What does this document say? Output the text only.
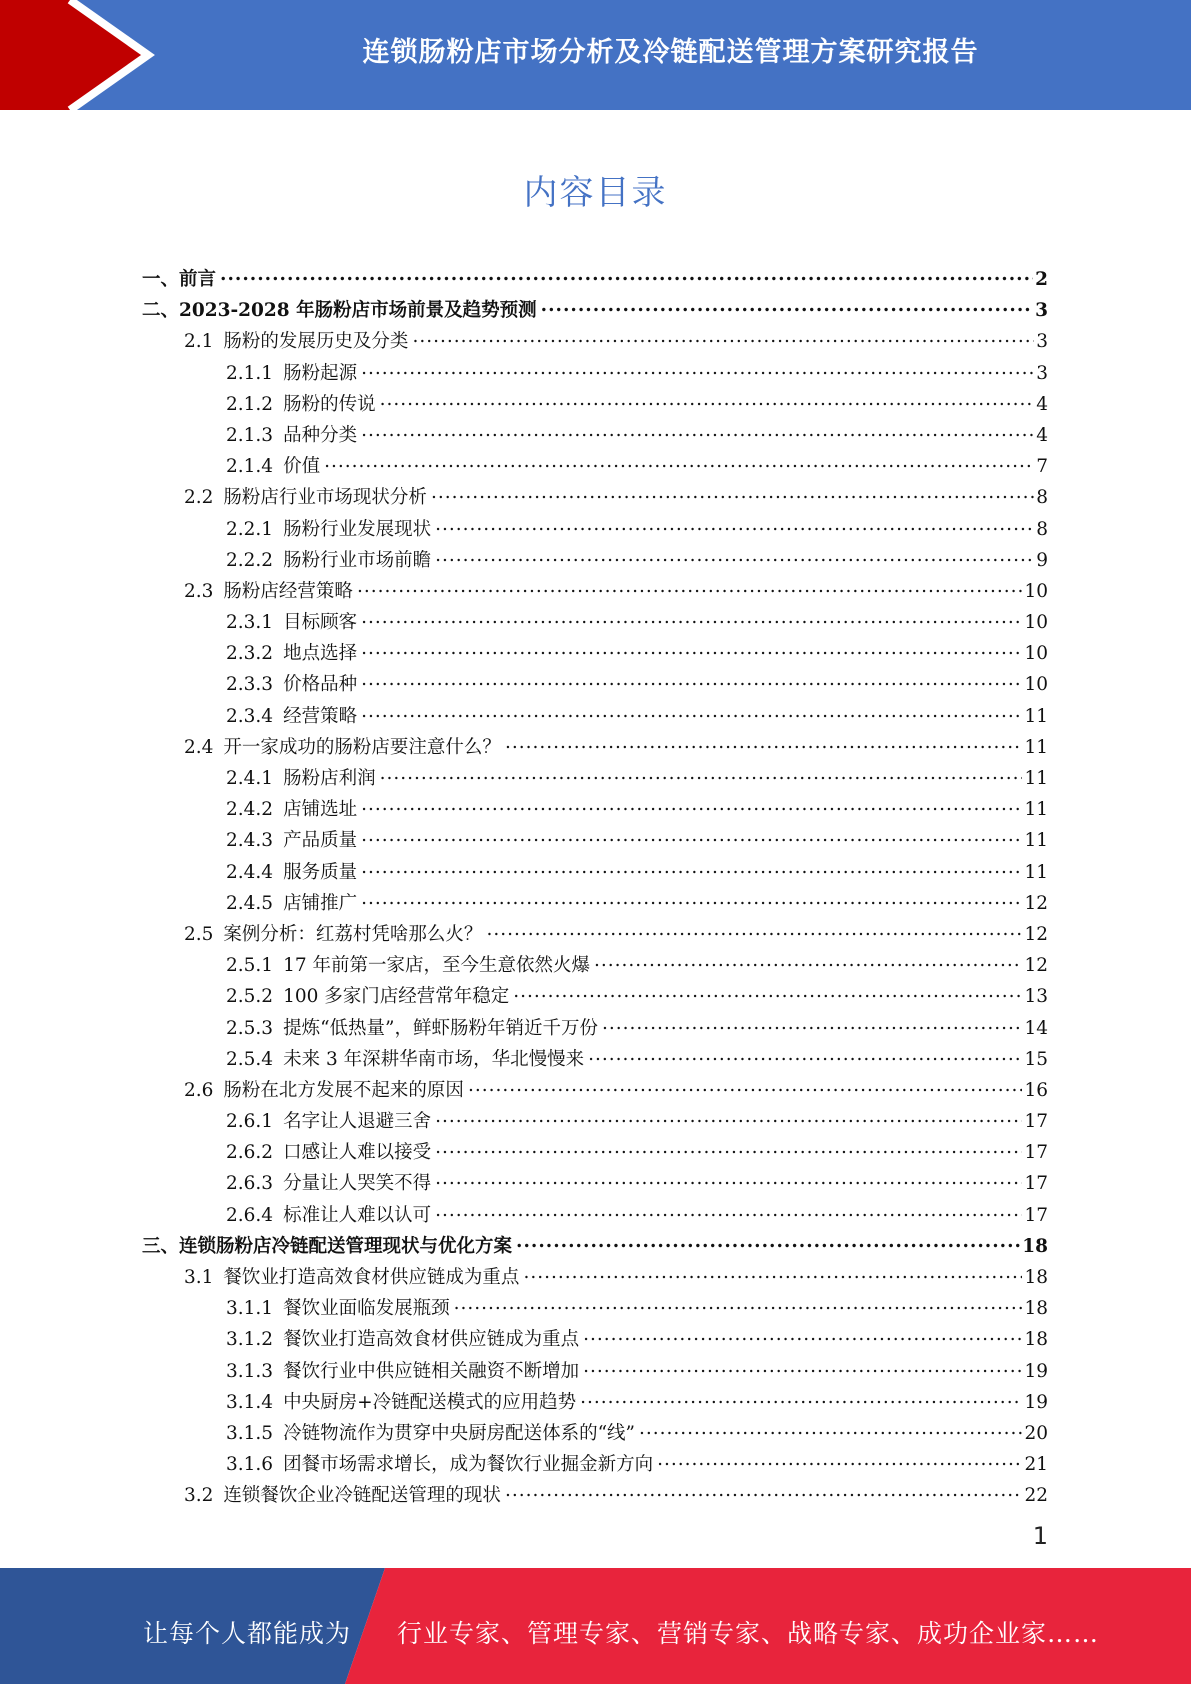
连锁肠粉店市场分析及冷链配送管理方案研究报告
内容目录
一、 前言 .....	2
二、 2023-2028 年肠粉店市场前景及趋势预测 .....	3
2.1 肠粉的发展历史及分类 .....	3
2.1.1 肠粉起源 .....	3
2.1.2 肠粉的传说 .....	4
2.1.3 品种分类 .....	4
2.1.4 价值 .....	7
2.2 肠粉店行业市场现状分析 .....	8
2.2.1 肠粉行业发展现状 .....	8
2.2.2 肠粉行业市场前瞻 .....	9
2.3 肠粉店经营策略 .....	10
2.3.1 目标顾客 .....	10
2.3.2 地点选择 .....	10
2.3.3 价格品种 .....	10
2.3.4 经营策略 .....	11
2.4 开一家成功的肠粉店要注意什么？ .....	11
2.4.1 肠粉店利润 .....	11
2.4.2 店铺选址 .....	11
2.4.3 产品质量 .....	11
2.4.4 服务质量 .....	11
2.4.5 店铺推广 .....	12
2.5 案例分析：红荔村凭啥那么火？ .....	12
2.5.1 17 年前第一家店，至今生意依然火爆 .....	12
2.5.2 100 多家门店经营常年稳定 .....	13
2.5.3 提炼“低热量”，鲜虾肠粉年销近千万份 .....	14
2.5.4 未来 3 年深耕华南市场，华北慢慢来 .....	15
2.6 肠粉在北方发展不起来的原因 .....	16
2.6.1 名字让人退避三舍 .....	17
2.6.2 口感让人难以接受 .....	17
2.6.3 分量让人哭笑不得 .....	17
2.6.4 标准让人难以认可 .....	17
三、 连锁肠粉店冷链配送管理现状与优化方案 .....	18
3.1 餐饮业打造高效食材供应链成为重点 .....	18
3.1.1 餐饮业面临发展瓶颈 .....	18
3.1.2 餐饮业打造高效食材供应链成为重点 .....	18
3.1.3 餐饮行业中供应链相关融资不断增加 .....	19
3.1.4 中央厨房+冷链配送模式的应用趋势 .....	19
3.1.5 冷链物流作为贯穿中央厨房配送体系的“线” .....	20
3.1.6 团餐市场需求增长，成为餐饮行业掘金新方向 .....	21
3.2 连锁餐饮企业冷链配送管理的现状 .....	22
1
让每个人都能成为 行业专家、管理专家、营销专家、战略专家、成功企业家……
